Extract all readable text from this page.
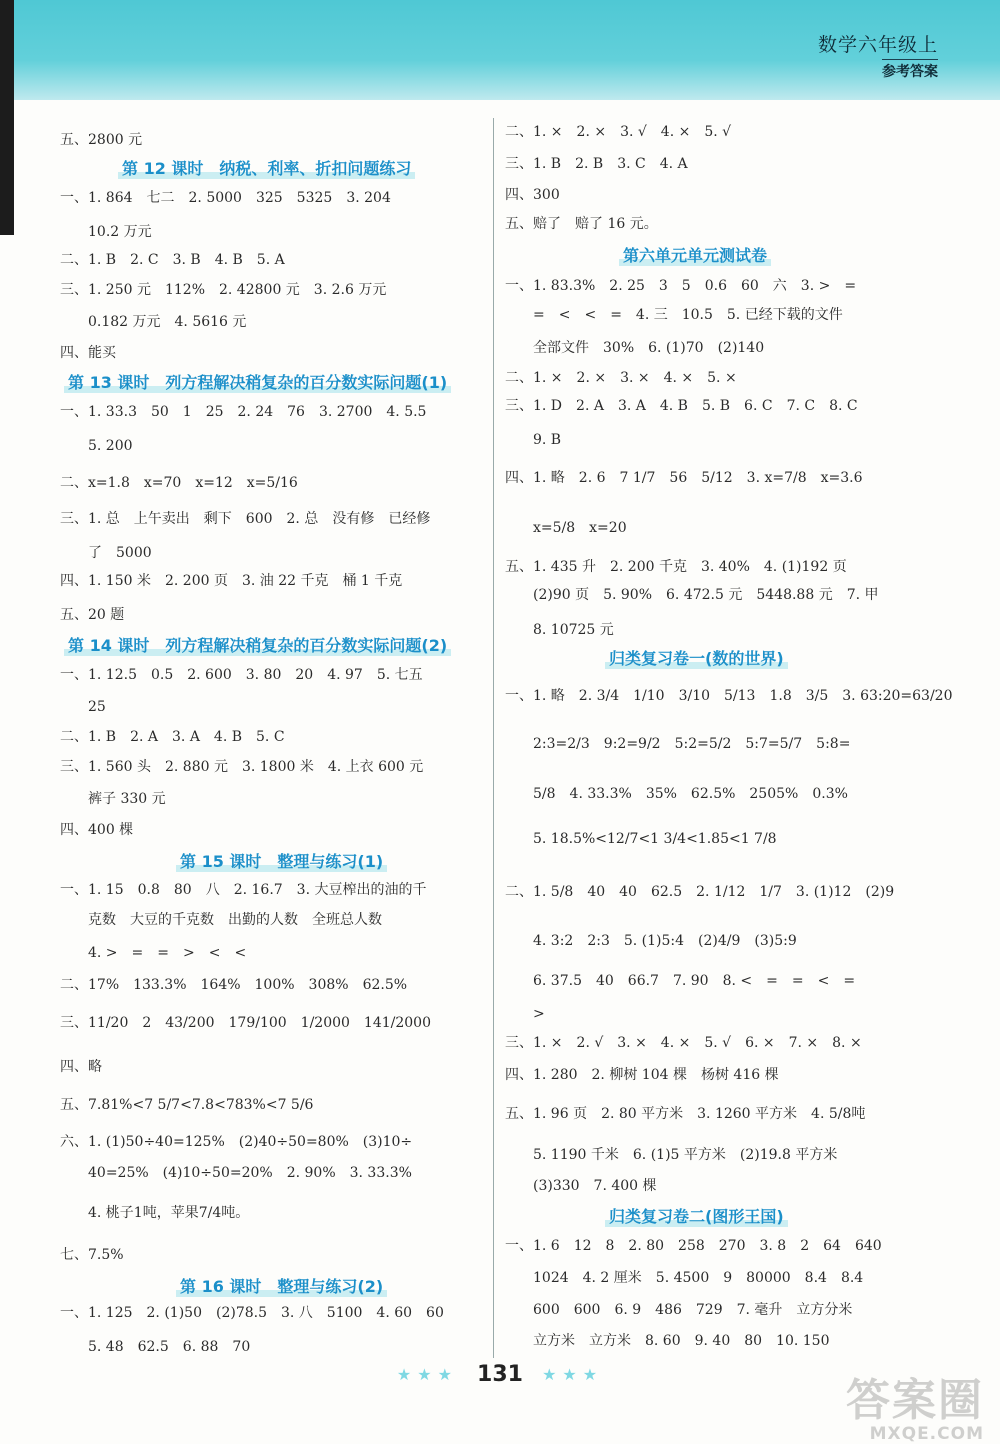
数学六年级上
参考答案
五、2800 元
第 12 课时　纳税、利率、折扣问题练习
一、1. 864　七二　2. 5000　325　5325　3. 204
　　10.2 万元
二、1. B　2. C　3. B　4. B　5. A
三、1. 250 元　112%　2. 42800 元　3. 2.6 万元
　　0.182 万元　4. 5616 元
四、能买
第 13 课时　列方程解决稍复杂的百分数实际问题(1)
一、1. 33.3　50　1　25　2. 24　76　3. 2700　4. 5.5
　　5. 200
二、x=1.8　x=70　x=12　x=5/16
三、1. 总　上午卖出　剩下　600　2. 总　没有修　已经修
　　了　5000
四、1. 150 米　2. 200 页　3. 油 22 千克　桶 1 千克
五、20 题
第 14 课时　列方程解决稍复杂的百分数实际问题(2)
一、1. 12.5　0.5　2. 600　3. 80　20　4. 97　5. 七五
　　25
二、1. B　2. A　3. A　4. B　5. C
三、1. 560 头　2. 880 元　3. 1800 米　4. 上衣 600 元
　　裤子 330 元
四、400 棵
第 15 课时　整理与练习(1)
一、1. 15　0.8　80　八　2. 16.7　3. 大豆榨出的油的千
　　克数　大豆的千克数　出勤的人数　全班总人数
　　4. >　=　=　>　<　<
二、17%　133.3%　164%　100%　308%　62.5%
三、11/20　2　43/200　179/100　1/2000　141/2000
四、略
五、7.81%<7 5/7<7.8<783%<7 5/6
六、1. (1)50÷40=125%　(2)40÷50=80%　(3)10÷
　　40=25%　(4)10÷50=20%　2. 90%　3. 33.3%
　　4. 桃子1吨，苹果7/4吨。
七、7.5%
第 16 课时　整理与练习(2)
一、1. 125　2. (1)50　(2)78.5　3. 八　5100　4. 60　60
　　5. 48　62.5　6. 88　70
二、1. ×　2. ×　3. √　4. ×　5. √
三、1. B　2. B　3. C　4. A
四、300
五、赔了　赔了 16 元。
第六单元单元测试卷
一、1. 83.3%　2. 25　3　5　0.6　60　六　3. >　=
　　=　<　<　=　4. 三　10.5　5. 已经下载的文件
　　全部文件　30%　6. (1)70　(2)140
二、1. ×　2. ×　3. ×　4. ×　5. ×
三、1. D　2. A　3. A　4. B　5. B　6. C　7. C　8. C
　　9. B
四、1. 略　2. 6　7 1/7　56　5/12　3. x=7/8　x=3.6
　　x=5/8　x=20
五、1. 435 升　2. 200 千克　3. 40%　4. (1)192 页
　　(2)90 页　5. 90%　6. 472.5 元　5448.88 元　7. 甲
　　8. 10725 元
归类复习卷一(数的世界)
一、1. 略　2. 3/4　1/10　3/10　5/13　1.8　3/5　3. 63:20=63/20
　　2:3=2/3　9:2=9/2　5:2=5/2　5:7=5/7　5:8=
　　5/8　4. 33.3%　35%　62.5%　2505%　0.3%
　　5. 18.5%<12/7<1 3/4<1.85<1 7/8
二、1. 5/8　40　40　62.5　2. 1/12　1/7　3. (1)12　(2)9
　　4. 3:2　2:3　5. (1)5:4　(2)4/9　(3)5:9
　　6. 37.5　40　66.7　7. 90　8. <　=　=　<　=
　　>
三、1. ×　2. √　3. ×　4. ×　5. √　6. ×　7. ×　8. ×
四、1. 280　2. 柳树 104 棵　杨树 416 棵
五、1. 96 页　2. 80 平方米　3. 1260 平方米　4. 5/8吨
　　5. 1190 千米　6. (1)5 平方米　(2)19.8 平方米
　　(3)330　7. 400 棵
归类复习卷二(图形王国)
一、1. 6　12　8　2. 80　258　270　3. 8　2　64　640
　　1024　4. 2 厘米　5. 4500　9　80000　8.4　8.4
　　600　600　6. 9　486　729　7. 毫升　立方分米
　　立方米　立方米　8. 60　9. 40　80　10. 150
★★★ 131 ★★★
答案圈
MXQE.COM
